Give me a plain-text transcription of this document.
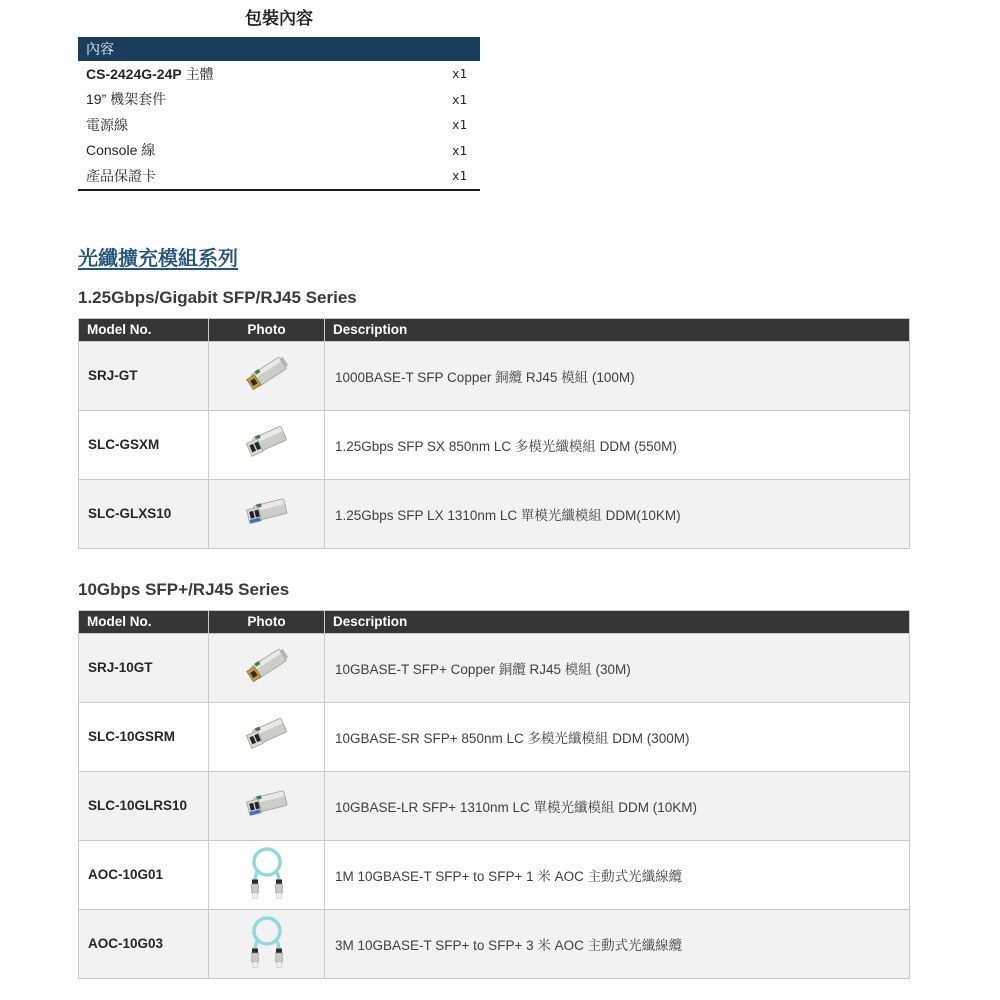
包裝內容
內容
CS-2424G-24P 主體	x1
19” 機架套件	x1
電源線	x1
Console 線	x1
產品保證卡	x1
光纖擴充模組系列
1.25Gbps/Gigabit SFP/RJ45 Series
Model No.	Photo	Description
SRJ-GT		1000BASE-T SFP Copper 銅纜 RJ45 模組 (100M)
SLC-GSXM		1.25Gbps SFP SX 850nm LC 多模光纖模組 DDM (550M)
SLC-GLXS10		1.25Gbps SFP LX 1310nm LC 單模光纖模組 DDM(10KM)
10Gbps SFP+/RJ45 Series
Model No.	Photo	Description
SRJ-10GT		10GBASE-T SFP+ Copper 銅纜 RJ45 模組 (30M)
SLC-10GSRM		10GBASE-SR SFP+ 850nm LC 多模光纖模組 DDM (300M)
SLC-10GLRS10		10GBASE-LR SFP+ 1310nm LC 單模光纖模組 DDM (10KM)
AOC-10G01		1M 10GBASE-T SFP+ to SFP+ 1 米 AOC 主動式光纖線纜
AOC-10G03		3M 10GBASE-T SFP+ to SFP+ 3 米 AOC 主動式光纖線纜
